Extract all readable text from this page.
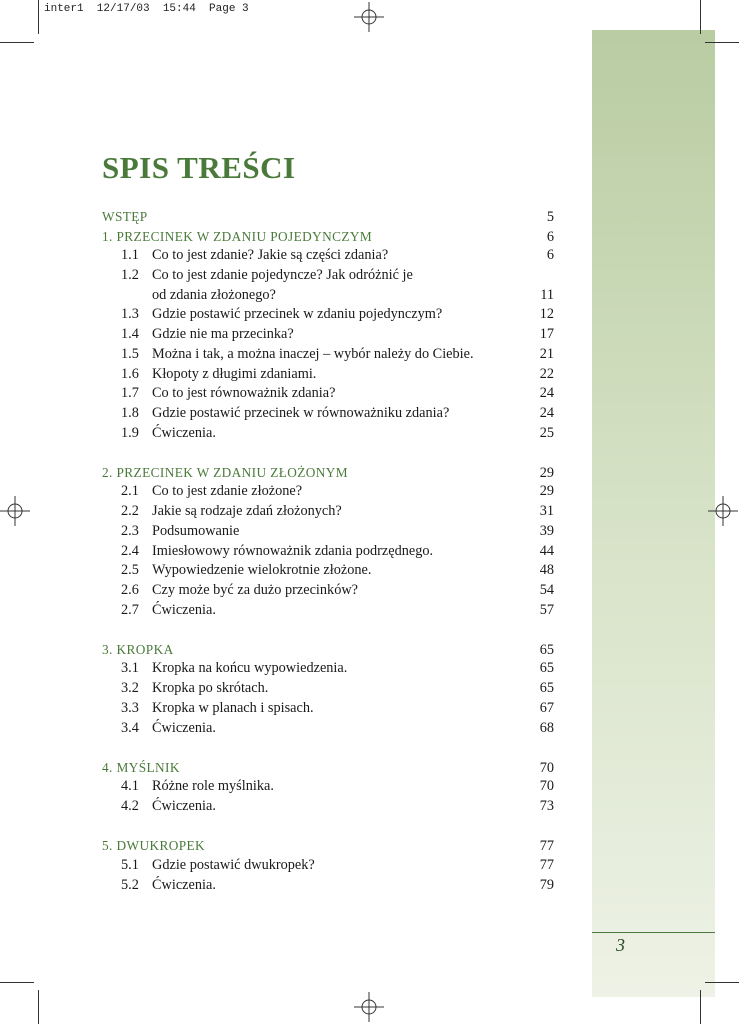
inter1  12/17/03  15:44  Page 3
3
SPIS TREŚCI
WSTĘP	5
1. PRZECINEK W ZDANIU POJEDYNCZYM	6
1.1 Co to jest zdanie? Jakie są części zdania?	6
1.2 Co to jest zdanie pojedyncze? Jak odróżnić je
od zdania złożonego?	11
1.3 Gdzie postawić przecinek w zdaniu pojedynczym?	12
1.4 Gdzie nie ma przecinka?	17
1.5 Można i tak, a można inaczej – wybór należy do Ciebie.	21
1.6 Kłopoty z długimi zdaniami.	22
1.7 Co to jest równoważnik zdania?	24
1.8 Gdzie postawić przecinek w równoważniku zdania?	24
1.9 Ćwiczenia.	25
2. PRZECINEK W ZDANIU ZŁOŻONYM	29
2.1 Co to jest zdanie złożone?	29
2.2 Jakie są rodzaje zdań złożonych?	31
2.3 Podsumowanie	39
2.4 Imiesłowowy równoważnik zdania podrzędnego.	44
2.5 Wypowiedzenie wielokrotnie złożone.	48
2.6 Czy może być za dużo przecinków?	54
2.7 Ćwiczenia.	57
3. KROPKA	65
3.1 Kropka na końcu wypowiedzenia.	65
3.2 Kropka po skrótach.	65
3.3 Kropka w planach i spisach.	67
3.4 Ćwiczenia.	68
4. MYŚLNIK	70
4.1 Różne role myślnika.	70
4.2 Ćwiczenia.	73
5. DWUKROPEK	77
5.1 Gdzie postawić dwukropek?	77
5.2 Ćwiczenia.	79
